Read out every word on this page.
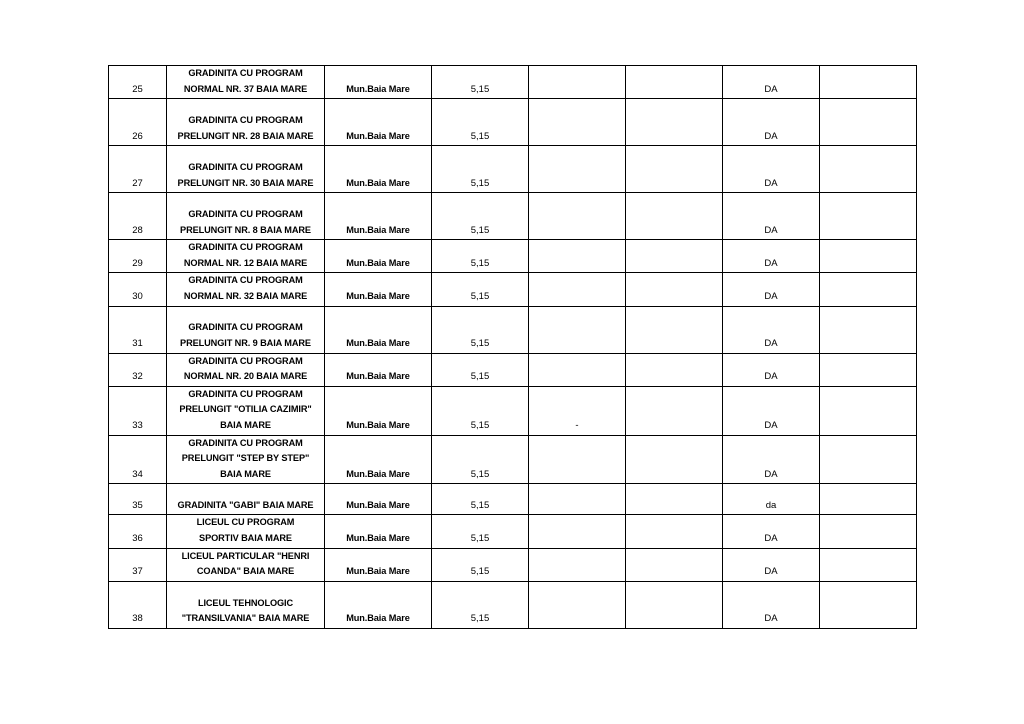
25	GRADINITA CU PROGRAM
NORMAL NR. 37 BAIA MARE	Mun.Baia Mare	5,15			DA	
26	GRADINITA CU PROGRAM
PRELUNGIT NR. 28 BAIA MARE	Mun.Baia Mare	5,15			DA	
27	GRADINITA CU PROGRAM
PRELUNGIT NR. 30 BAIA MARE	Mun.Baia Mare	5,15			DA	
28	GRADINITA CU PROGRAM
PRELUNGIT NR. 8 BAIA MARE	Mun.Baia Mare	5,15			DA	
29	GRADINITA CU PROGRAM
NORMAL NR. 12 BAIA MARE	Mun.Baia Mare	5,15			DA	
30	GRADINITA CU PROGRAM
NORMAL NR. 32 BAIA MARE	Mun.Baia Mare	5,15			DA	
31	GRADINITA CU PROGRAM
PRELUNGIT NR. 9 BAIA MARE	Mun.Baia Mare	5,15			DA	
32	GRADINITA CU PROGRAM
NORMAL NR. 20 BAIA MARE	Mun.Baia Mare	5,15			DA	
33	GRADINITA CU PROGRAM
PRELUNGIT "OTILIA CAZIMIR"
BAIA MARE	Mun.Baia Mare	5,15	-		DA	
34	GRADINITA CU PROGRAM
PRELUNGIT "STEP BY STEP"
BAIA MARE	Mun.Baia Mare	5,15			DA	
35	GRADINITA "GABI" BAIA MARE	Mun.Baia Mare	5,15			da	
36	LICEUL CU PROGRAM
SPORTIV BAIA MARE	Mun.Baia Mare	5,15			DA	
37	LICEUL PARTICULAR "HENRI
COANDA" BAIA MARE	Mun.Baia Mare	5,15			DA	
38	LICEUL TEHNOLOGIC
"TRANSILVANIA" BAIA MARE	Mun.Baia Mare	5,15			DA	
